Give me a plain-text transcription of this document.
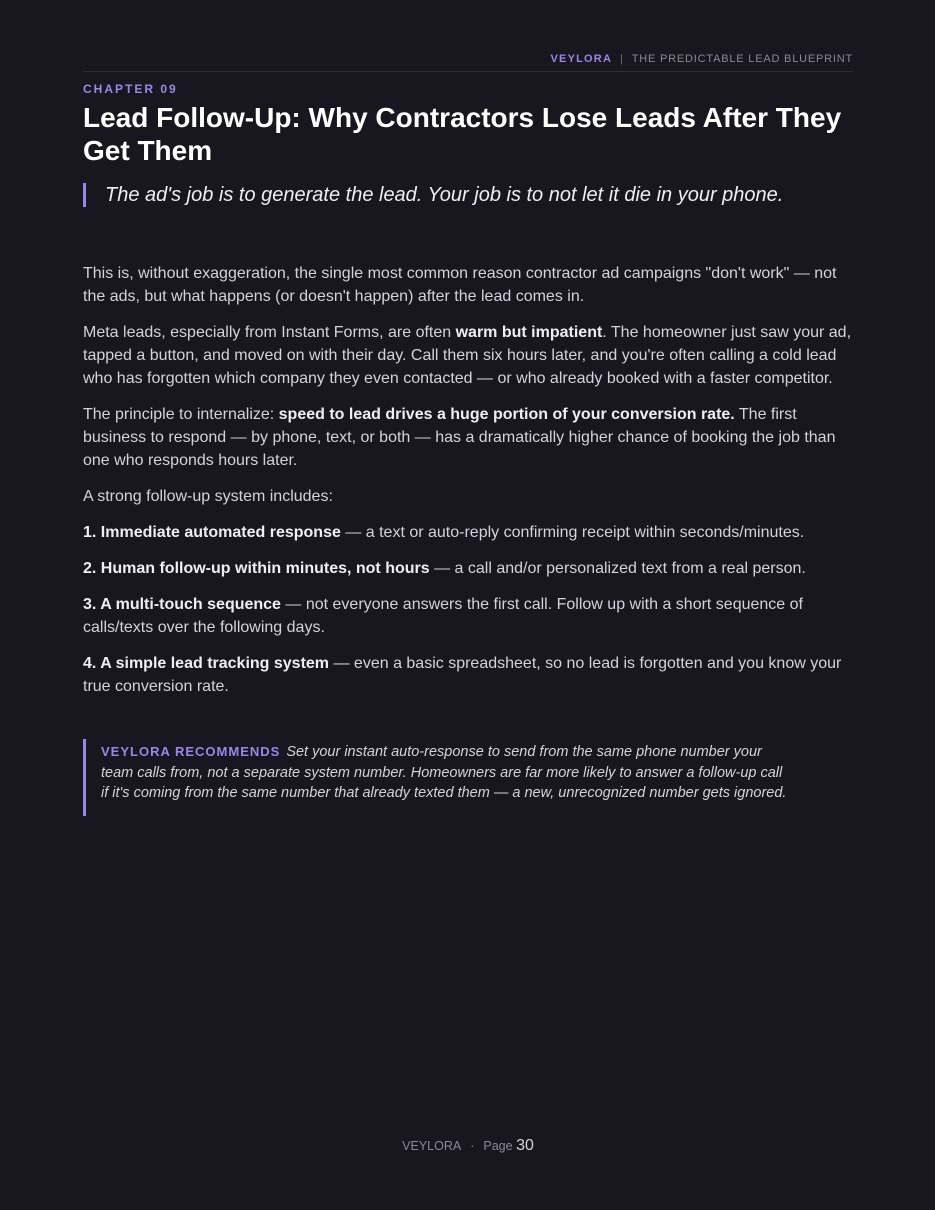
VEYLORA | THE PREDICTABLE LEAD BLUEPRINT
CHAPTER 09
Lead Follow-Up: Why Contractors Lose Leads After They Get Them
The ad's job is to generate the lead. Your job is to not let it die in your phone.

This is, without exaggeration, the single most common reason contractor ad campaigns "don't work" — not the ads, but what happens (or doesn't happen) after the lead comes in.

Meta leads, especially from Instant Forms, are often warm but impatient. The homeowner just saw your ad, tapped a button, and moved on with their day. Call them six hours later, and you're often calling a cold lead who has forgotten which company they even contacted — or who already booked with a faster competitor.

The principle to internalize: speed to lead drives a huge portion of your conversion rate. The first business to respond — by phone, text, or both — has a dramatically higher chance of booking the job than one who responds hours later.

A strong follow-up system includes:

1. Immediate automated response — a text or auto-reply confirming receipt within seconds/minutes.

2. Human follow-up within minutes, not hours — a call and/or personalized text from a real person.

3. A multi-touch sequence — not everyone answers the first call. Follow up with a short sequence of calls/texts over the following days.

4. A simple lead tracking system — even a basic spreadsheet, so no lead is forgotten and you know your true conversion rate.

VEYLORA RECOMMENDS Set your instant auto-response to send from the same phone number your team calls from, not a separate system number. Homeowners are far more likely to answer a follow-up call if it's coming from the same number that already texted them — a new, unrecognized number gets ignored.
VEYLORA · Page 30
